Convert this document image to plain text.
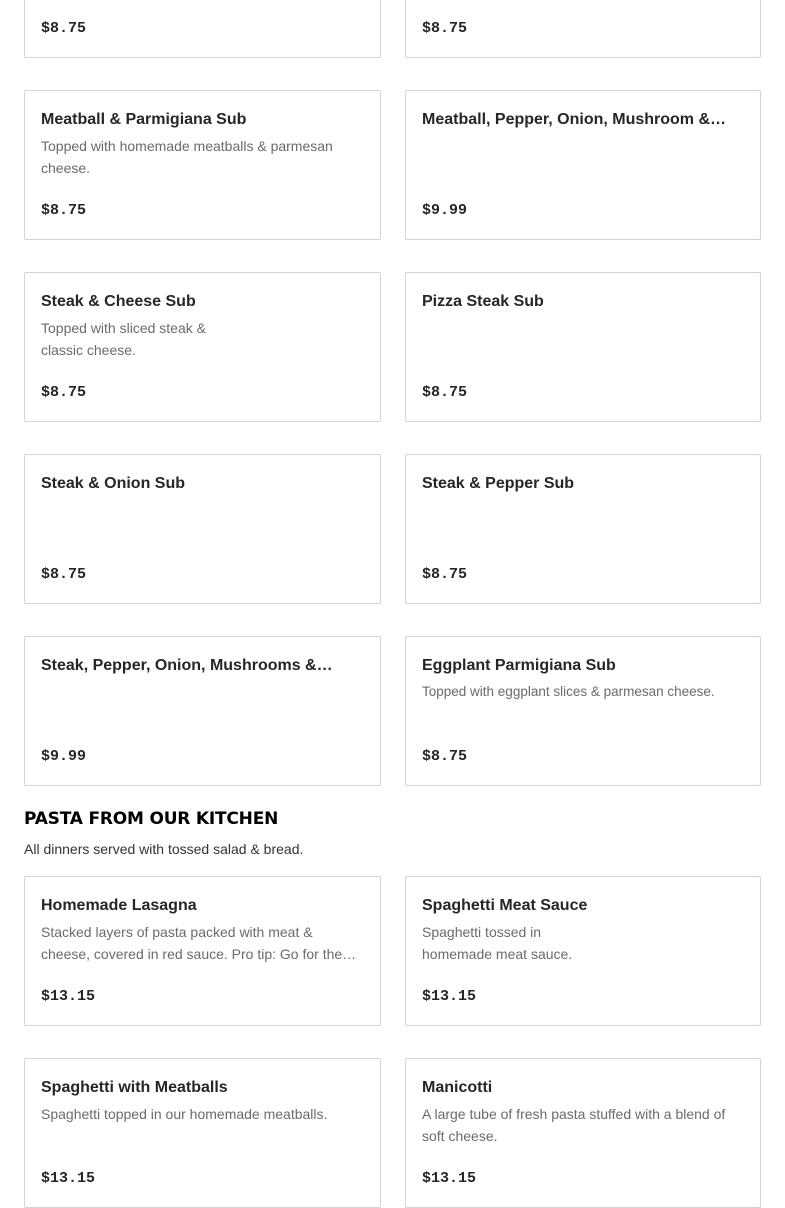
$8.75	$8.75
Meatball & Parmigiana Sub
Topped with homemade meatballs & parmesan cheese.
$8.75
Meatball, Pepper, Onion, Mushroom &…
$9.99
Steak & Cheese Sub
Topped with sliced steak & classic cheese.
$8.75
Pizza Steak Sub
$8.75
Steak & Onion Sub
$8.75
Steak & Pepper Sub
$8.75
Steak, Pepper, Onion, Mushrooms &…
$9.99
Eggplant Parmigiana Sub
Topped with eggplant slices & parmesan cheese.
$8.75
PASTA FROM OUR KITCHEN
All dinners served with tossed salad & bread.
Homemade Lasagna
Stacked layers of pasta packed with meat & cheese, covered in red sauce. Pro tip: Go for the…
$13.15
Spaghetti Meat Sauce
Spaghetti tossed in homemade meat sauce.
$13.15
Spaghetti with Meatballs
Spaghetti topped in our homemade meatballs.
$13.15
Manicotti
A large tube of fresh pasta stuffed with a blend of soft cheese.
$13.15
